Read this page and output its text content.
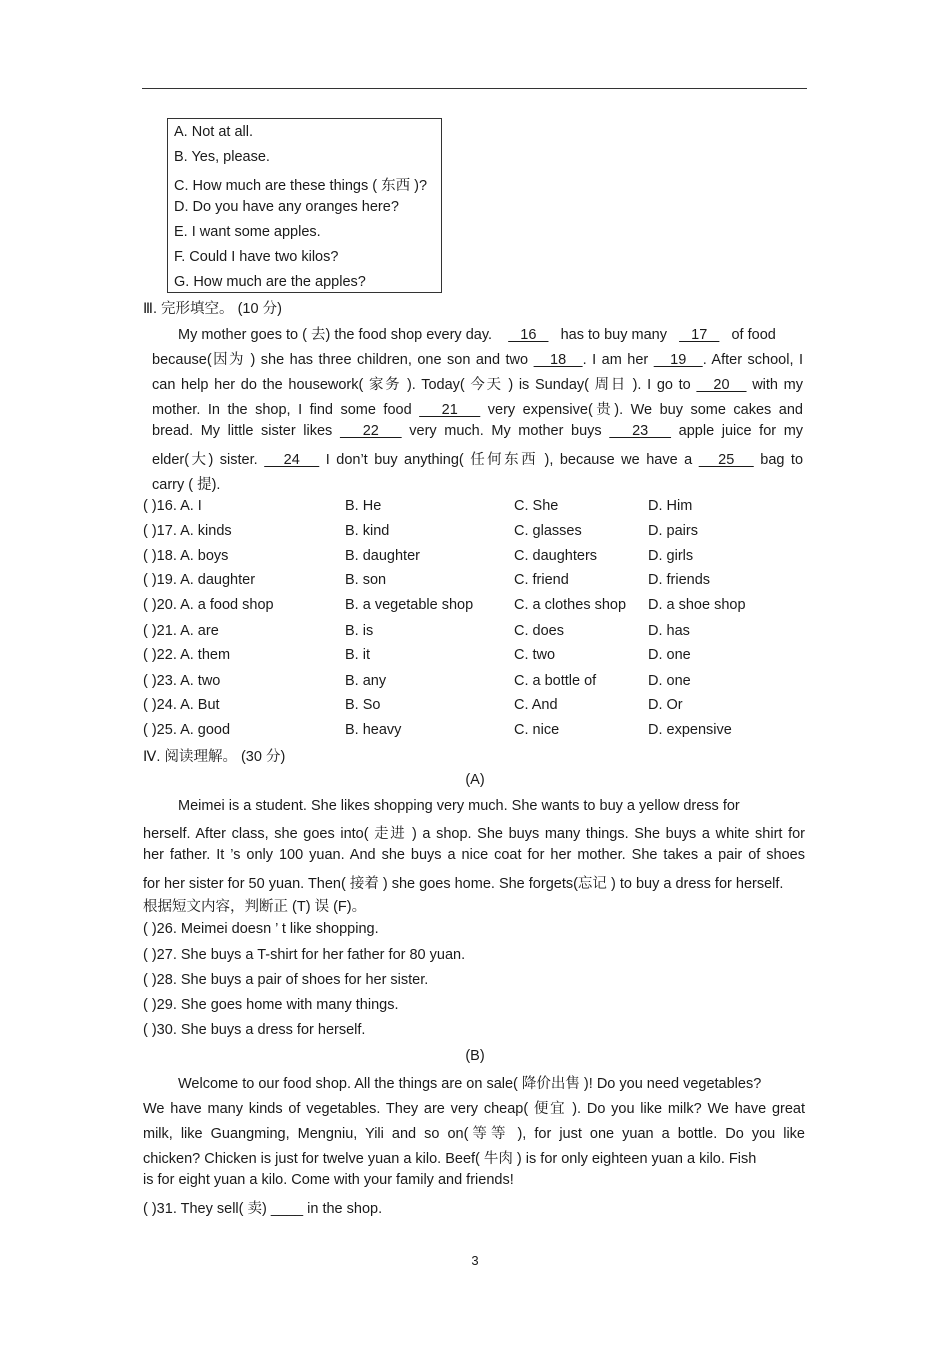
A. Not at all.
B. Yes, please.
C. How much are these things ( 东西 )?
D. Do you have any oranges here?
E. I want some apples.
F. Could I have two kilos?
G. How much are the apples?
Ⅲ. 完形填空。 (10 分)
My mother goes to ( 去) the food shop every day.       16      has to buy many      17      of food
because(因为 ) she has three children, one son and two    18   . I am her    19   . After school, I
can help her do the housework( 家务 ). Today( 今天 ) is Sunday( 周日 ). I go to    20    with my
mother. In the shop, I find some food    21    very expensive(贵). We buy some cakes and
bread. My little sister likes    22    very much. My mother buys    23    apple juice for my
elder(大) sister.    24    I don’t buy anything( 任何东西 ), because we have a    25    bag to
carry ( 提).
( )16. A. I	B. He	C. She	D. Him
( )17. A. kinds	B. kind	C. glasses	D. pairs
( )18. A. boys	B. daughter	C. daughters	D. girls
( )19. A. daughter	B. son	C. friend	D. friends
( )20. A. a food shop	B. a vegetable shop	C. a clothes shop D. a shoe shop
( )21. A. are	B. is	C. does	D. has
( )22. A. them	B. it	C. two	D. one
( )23. A. two	B. any	C. a bottle of	D. one
( )24. A. But	B. So	C. And	D. Or
( )25. A. good	B. heavy	C. nice	D. expensive
Ⅳ. 阅读理解。 (30 分)
(A)
Meimei is a student. She likes shopping very much. She wants to buy a yellow dress for
herself. After class, she goes into( 走进 ) a shop. She buys many things. She buys a white shirt for
her father. It ’s only 100 yuan. And she buys a nice coat for her mother. She takes a pair of shoes
for her sister for 50 yuan. Then( 接着 ) she goes home. She forgets(忘记 ) to buy a dress for herself.
根据短文内容，判断正 (T) 误 (F)。
( )26. Meimei doesn ’ t like shopping.
( )27. She buys a T-shirt for her father for 80 yuan.
( )28. She buys a pair of shoes for her sister.
( )29. She goes home with many things.
( )30. She buys a dress for herself.
(B)
Welcome to our food shop. All the things are on sale( 降价出售 )! Do you need vegetables?
We have many kinds of vegetables. They are very cheap( 便宜 ). Do you like milk? We have great
milk, like Guangming, Mengniu, Yili and so on(等等 ), for just one yuan a bottle. Do you like
chicken? Chicken is just for twelve yuan a kilo. Beef( 牛肉 ) is for only eighteen yuan a kilo. Fish
is for eight yuan a kilo. Come with your family and friends!
( )31. They sell( 卖) ____ in the shop.
3
